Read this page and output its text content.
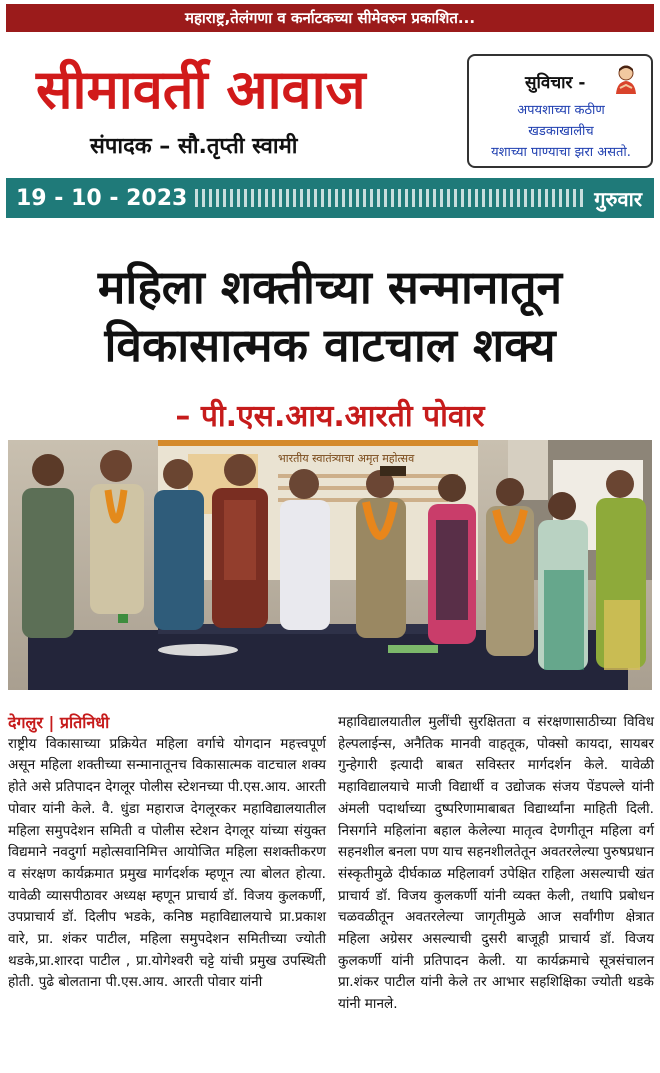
महाराष्ट्र,तेलंगणा व कर्नाटकच्या सीमेवरुन प्रकाशित...
सीमावर्ती आवाज
संपादक – सौ.तृप्ती स्वामी
सुविचार -
अपयशाच्या कठीण
खडकाखालीच
यशाच्या पाण्याचा झरा असतो.
19 - 10 - 2023	गुरुवार
महिला शक्तीच्या सन्मानातून
विकासात्मक वाटचाल शक्य
– पी.एस.आय.आरती पोवार
भारतीय स्वातंत्र्याचा अमृत महोत्सव
देगलुर | प्रतिनिधी
राष्ट्रीय विकासाच्या प्रक्रियेत महिला वर्गाचे योगदान महत्त्वपूर्ण असून महिला शक्तीच्या सन्मानातूनच विकासात्मक वाटचाल शक्य होते असे प्रतिपादन देगलूर पोलीस स्टेशनच्या पी.एस.आय. आरती पोवार यांनी केले. वै. धुंडा महाराज देगलूरकर महाविद्यालयातील महिला समुपदेशन समिती व पोलीस स्टेशन देगलूर यांच्या संयुक्त विद्यमाने नवदुर्गा महोत्सवानिमित्त आयोजित महिला सशक्तीकरण व संरक्षण कार्यक्रमात प्रमुख मार्गदर्शक म्हणून त्या बोलत होत्या. यावेळी व्यासपीठावर अध्यक्ष म्हणून प्राचार्य डॉ. विजय कुलकर्णी, उपप्राचार्य डॉ. दिलीप भडके, कनिष्ठ महाविद्यालयाचे प्रा.प्रकाश वारे, प्रा. शंकर पाटील, महिला समुपदेशन समितीच्या ज्योती थडके,प्रा.शारदा पाटील , प्रा.योगेश्वरी चट्टे यांची प्रमुख उपस्थिती होती. पुढे बोलताना पी.एस.आय. आरती पोवार यांनी
महाविद्यालयातील मुलींची सुरक्षितता व संरक्षणासाठीच्या विविध हेल्पलाईन्स, अनैतिक मानवी वाहतूक, पोक्सो कायदा, सायबर गुन्हेगारी इत्यादी बाबत सविस्तर मार्गदर्शन केले. यावेळी महाविद्यालयाचे माजी विद्यार्थी व उद्योजक संजय पेंडपल्ले यांनी अंमली पदार्थाच्या दुष्परिणामाबाबत विद्यार्थ्यांना माहिती दिली. निसर्गाने महिलांना बहाल केलेल्या मातृत्व देणगीतून महिला वर्ग सहनशील बनला पण याच सहनशीलतेतून अवतरलेल्या पुरुषप्रधान संस्कृतीमुळे दीर्घकाळ महिलावर्ग उपेक्षित राहिला असल्याची खंत प्राचार्य डॉ. विजय कुलकर्णी यांनी व्यक्त केली, तथापि प्रबोधन चळवळीतून अवतरलेल्या जागृतीमुळे आज सर्वांगीण क्षेत्रात महिला अग्रेसर असल्याची दुसरी बाजूही प्राचार्य डॉ. विजय कुलकर्णी यांनी प्रतिपादन केली. या कार्यक्रमाचे सूत्रसंचालन प्रा.शंकर पाटील यांनी केले तर आभार सहशिक्षिका ज्योती थडके यांनी मानले.
